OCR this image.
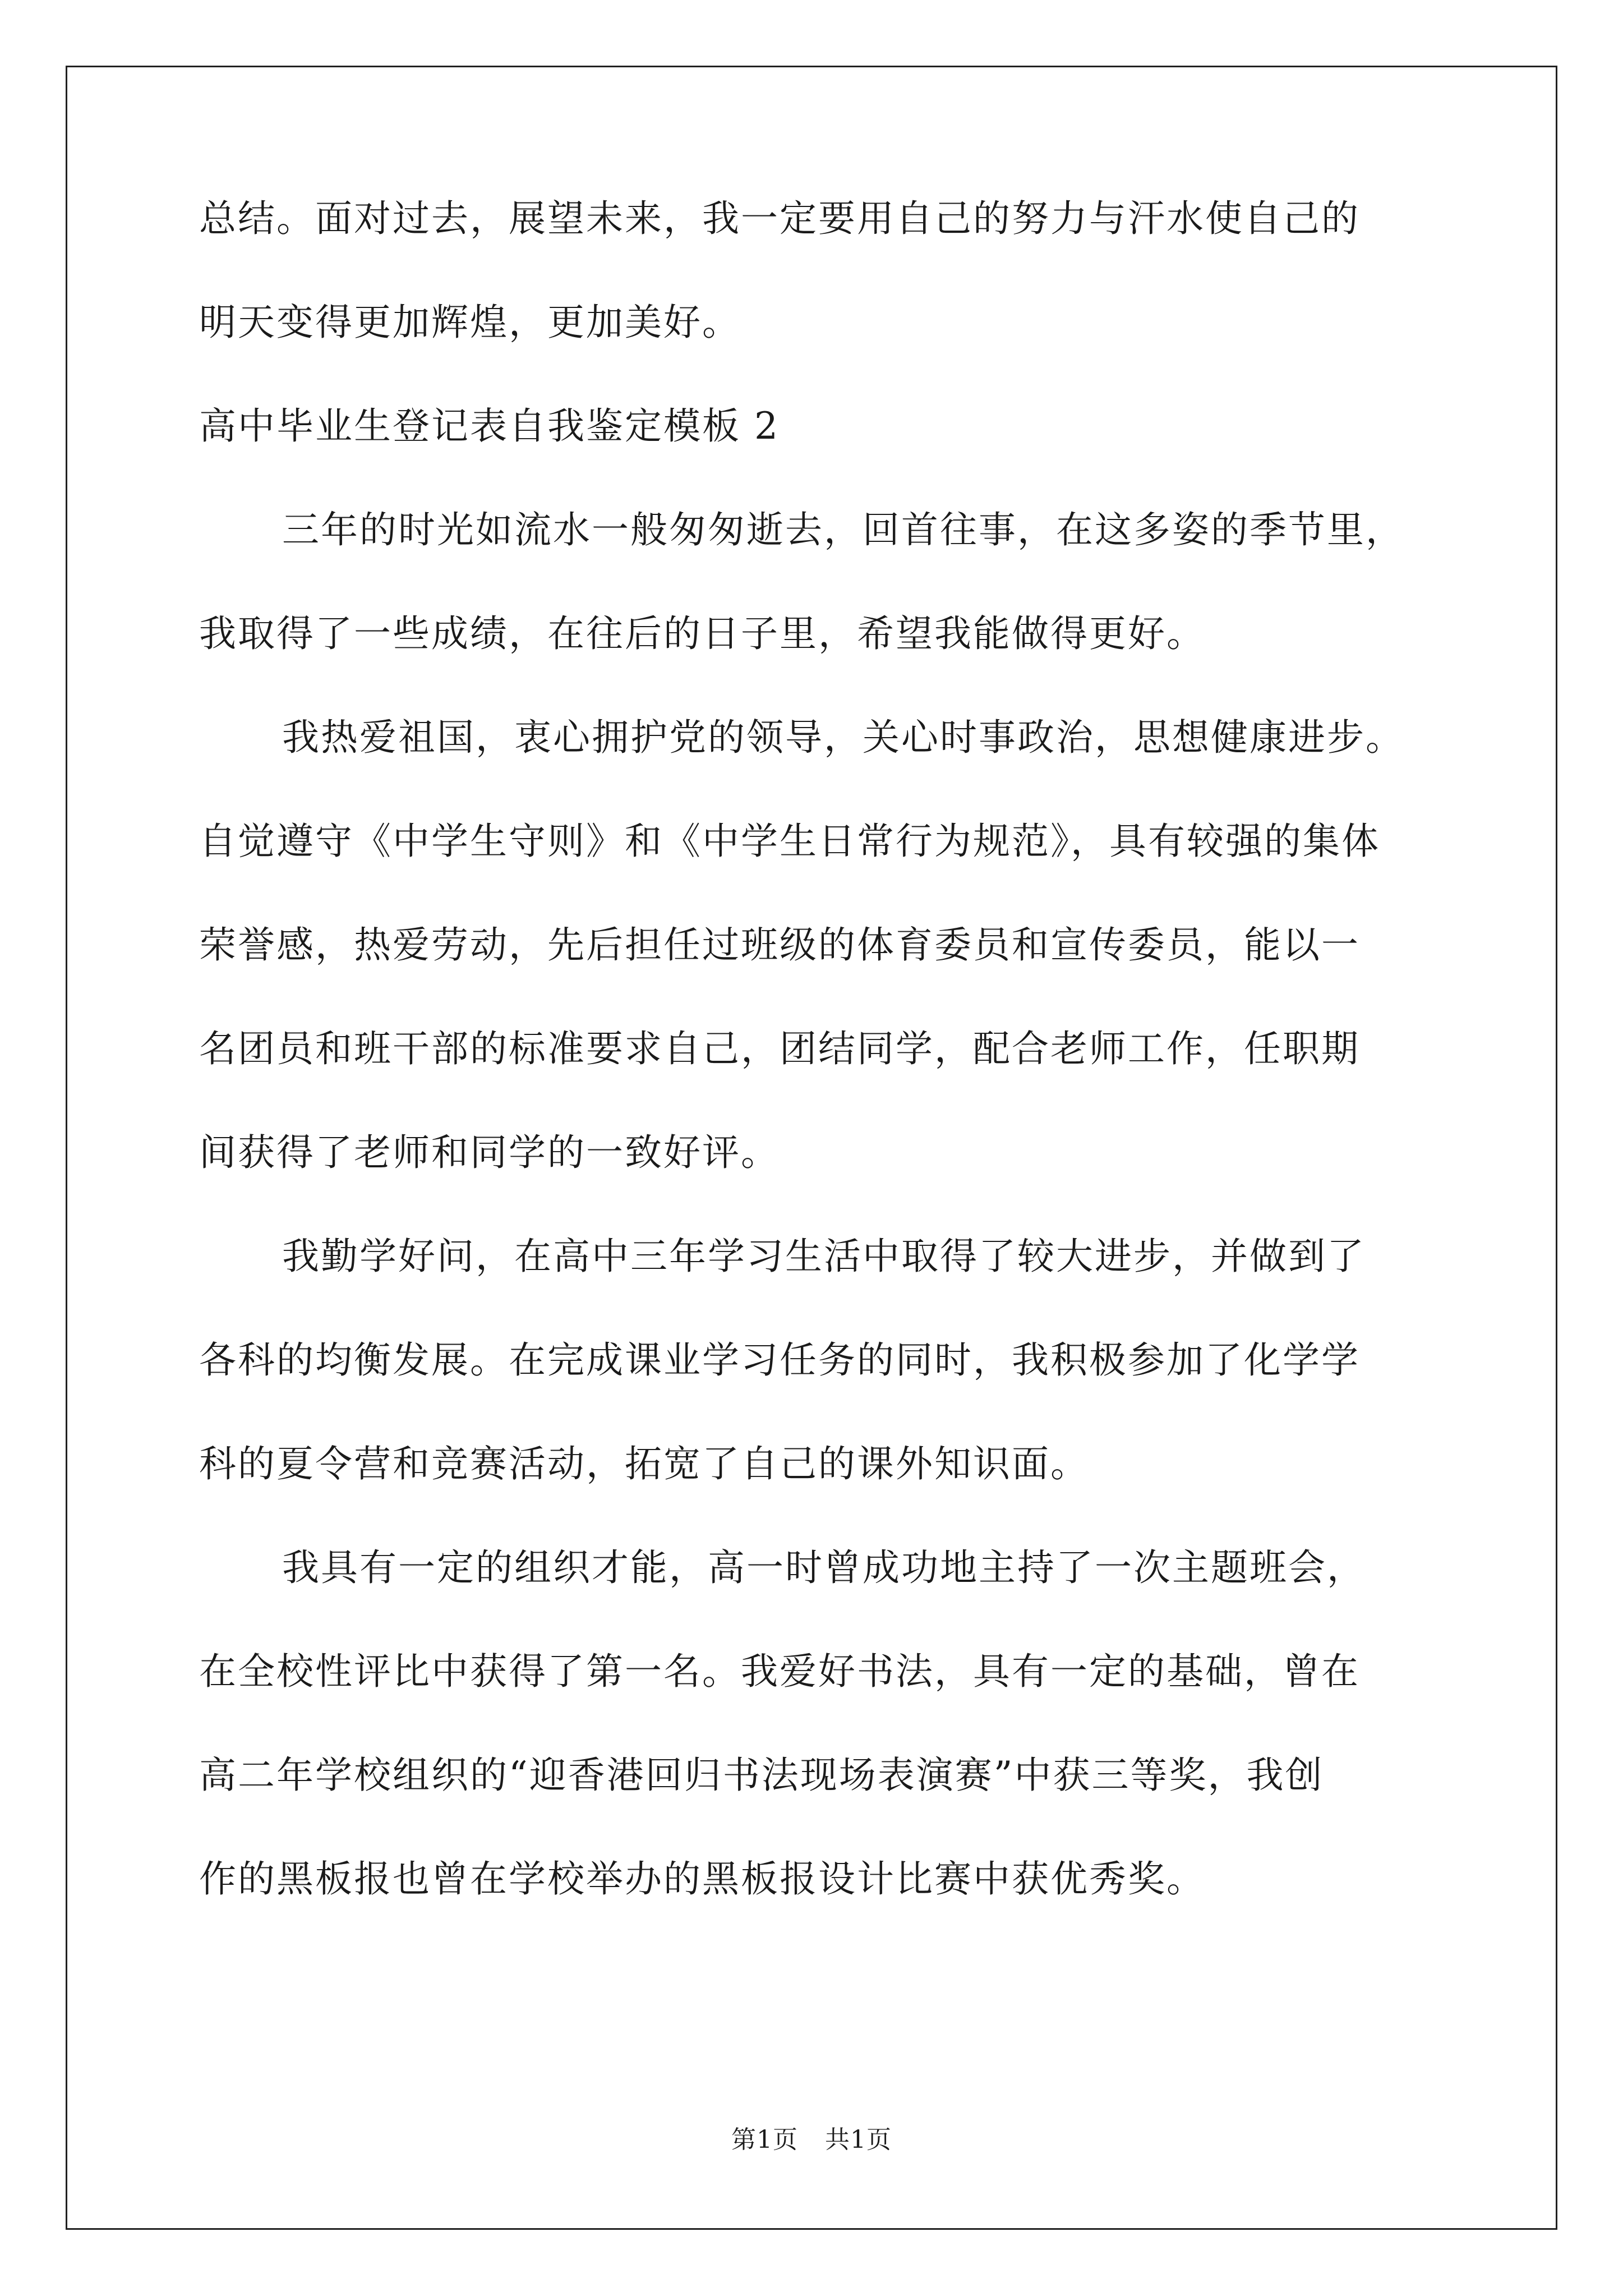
总结。面对过去，展望未来，我一定要用自己的努力与汗水使自己的
明天变得更加辉煌，更加美好。
高中毕业生登记表自我鉴定模板 2
三年的时光如流水一般匆匆逝去，回首往事，在这多姿的季节里，
我取得了一些成绩，在往后的日子里，希望我能做得更好。
我热爱祖国，衷心拥护党的领导，关心时事政治，思想健康进步。
自觉遵守《中学生守则》和《中学生日常行为规范》，具有较强的集体
荣誉感，热爱劳动，先后担任过班级的体育委员和宣传委员，能以一
名团员和班干部的标准要求自己，团结同学，配合老师工作，任职期
间获得了老师和同学的一致好评。
我勤学好问，在高中三年学习生活中取得了较大进步，并做到了
各科的均衡发展。在完成课业学习任务的同时，我积极参加了化学学
科的夏令营和竞赛活动，拓宽了自己的课外知识面。
我具有一定的组织才能，高一时曾成功地主持了一次主题班会，
在全校性评比中获得了第一名。我爱好书法，具有一定的基础，曾在
高二年学校组织的“迎香港回归书法现场表演赛”中获三等奖，我创
作的黑板报也曾在学校举办的黑板报设计比赛中获优秀奖。
第1页 共1页
